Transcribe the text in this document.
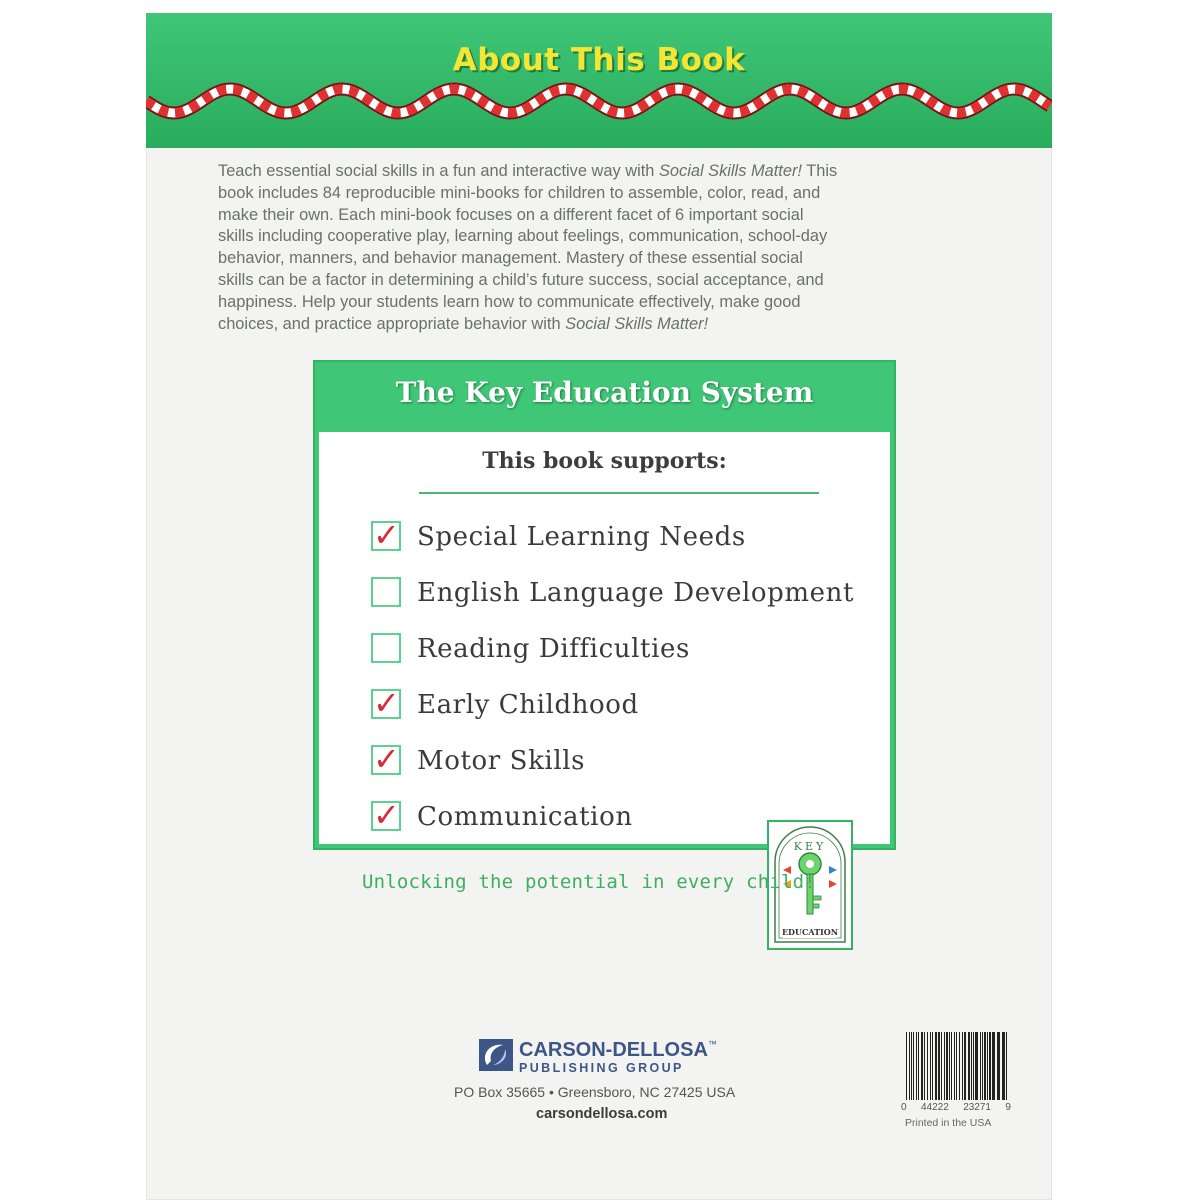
About This Book

Teach essential social skills in a fun and interactive way with Social Skills Matter! This
book includes 84 reproducible mini-books for children to assemble, color, read, and
make their own. Each mini-book focuses on a different facet of 6 important social
skills including cooperative play, learning about feelings, communication, school-day
behavior, manners, and behavior management. Mastery of these essential social
skills can be a factor in determining a child’s future success, social acceptance, and
happiness. Help your students learn how to communicate effectively, make good
choices, and practice appropriate behavior with Social Skills Matter!

The Key Education System
This book supports:
✓ Special Learning Needs
English Language Development
Reading Difficulties
✓ Early Childhood
✓ Motor Skills
✓ Communication
KEY
EDUCATION
Unlocking the potential in every child!
CARSON-DELLOSA™
PUBLISHING GROUP
PO Box 35665 • Greensboro, NC 27425 USA
carsondellosa.com	0 44222 23271 9
Printed in the USA
